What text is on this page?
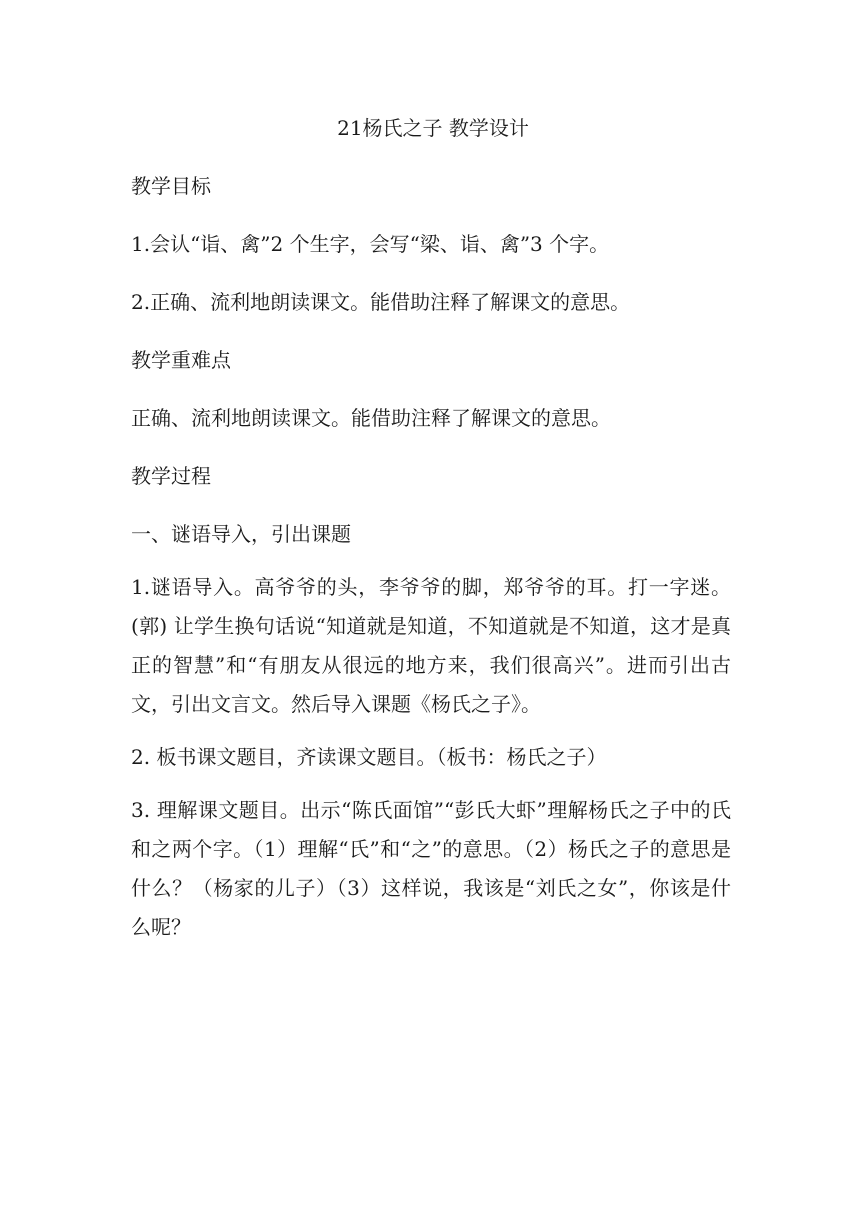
21杨氏之子 教学设计

教学目标

1.会认“诣、禽”2 个生字，会写“梁、诣、禽”3 个字。

2.正确、流利地朗读课文。能借助注释了解课文的意思。

教学重难点

正确、流利地朗读课文。能借助注释了解课文的意思。

教学过程

一、谜语导入，引出课题

1.谜语导入。高爷爷的头，李爷爷的脚，郑爷爷的耳。打一字迷。(郭) 让学生换句话说“知道就是知道，不知道就是不知道，这才是真正的智慧”和“有朋友从很远的地方来，我们很高兴”。进而引出古文，引出文言文。然后导入课题《杨氏之子》。

2. 板书课文题目，齐读课文题目。（板书：杨氏之子）

3. 理解课文题目。出示“陈氏面馆”“彭氏大虾”理解杨氏之子中的氏和之两个字。（1）理解“氏”和“之”的意思。（2）杨氏之子的意思是什么？（杨家的儿子）（3）这样说，我该是“刘氏之女”，你该是什么呢？
